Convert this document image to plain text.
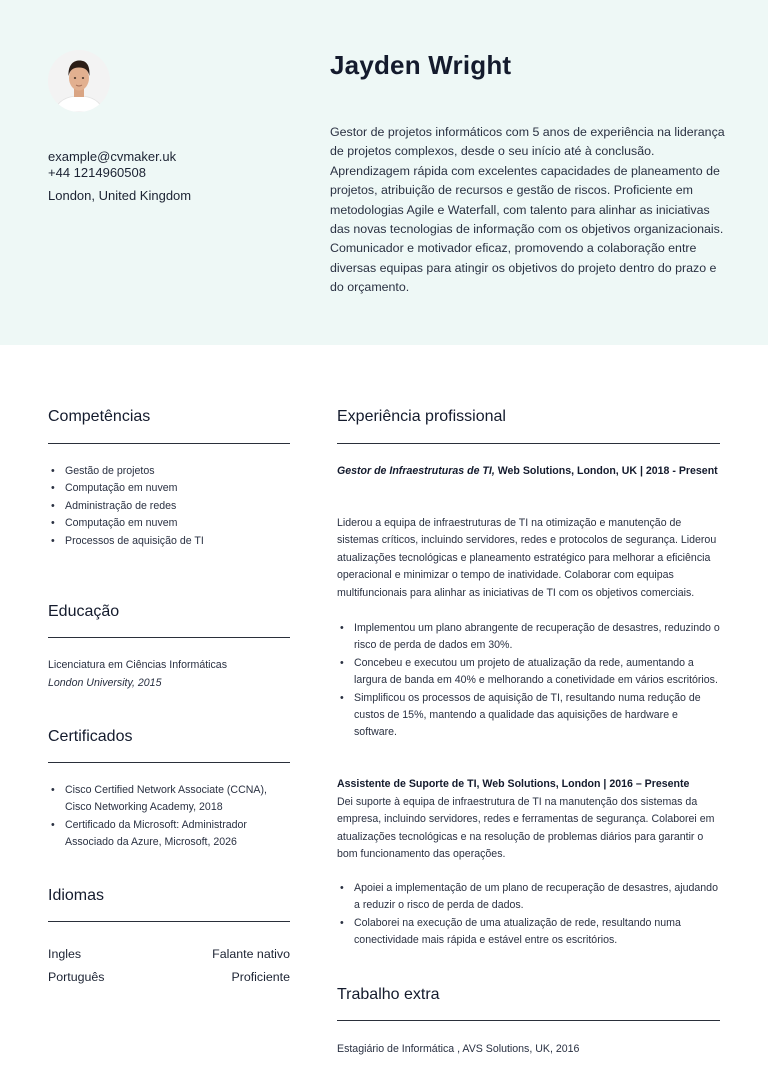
example@cvmaker.uk
+44 1214960508
London, United Kingdom
Jayden Wright

Gestor de projetos informáticos com 5 anos de experiência na liderança de projetos complexos, desde o seu início até à conclusão. Aprendizagem rápida com excelentes capacidades de planeamento de projetos, atribuição de recursos e gestão de riscos. Proficiente em metodologias Agile e Waterfall, com talento para alinhar as iniciativas das novas tecnologias de informação com os objetivos organizacionais. Comunicador e motivador eficaz, promovendo a colaboração entre diversas equipas para atingir os objetivos do projeto dentro do prazo e do orçamento.

Competências
• Gestão de projetos
• Computação em nuvem
• Administração de redes
• Computação em nuvem
• Processos de aquisição de TI
Educação
Licenciatura em Ciências Informáticas
London University, 2015
Certificados
• Cisco Certified Network Associate (CCNA), Cisco Networking Academy, 2018
• Certificado da Microsoft: Administrador Associado da Azure, Microsoft, 2026
Idiomas
Ingles	Falante nativo
Português	Proficiente
Experiência profissional
Gestor de Infraestruturas de TI, Web Solutions, London, UK | 2018 - Present
Liderou a equipa de infraestruturas de TI na otimização e manutenção de sistemas críticos, incluindo servidores, redes e protocolos de segurança. Liderou atualizações tecnológicas e planeamento estratégico para melhorar a eficiência operacional e minimizar o tempo de inatividade. Colaborar com equipas multifuncionais para alinhar as iniciativas de TI com os objetivos comerciais.
• Implementou um plano abrangente de recuperação de desastres, reduzindo o risco de perda de dados em 30%.
• Concebeu e executou um projeto de atualização da rede, aumentando a largura de banda em 40% e melhorando a conetividade em vários escritórios.
• Simplificou os processos de aquisição de TI, resultando numa redução de custos de 15%, mantendo a qualidade das aquisições de hardware e software.
Assistente de Suporte de TI, Web Solutions, London | 2016 – Presente
Dei suporte à equipa de infraestrutura de TI na manutenção dos sistemas da empresa, incluindo servidores, redes e ferramentas de segurança. Colaborei em atualizações tecnológicas e na resolução de problemas diários para garantir o bom funcionamento das operações.
• Apoiei a implementação de um plano de recuperação de desastres, ajudando a reduzir o risco de perda de dados.
• Colaborei na execução de uma atualização de rede, resultando numa conectividade mais rápida e estável entre os escritórios.
Trabalho extra
Estagiário de Informática , AVS Solutions, UK, 2016
